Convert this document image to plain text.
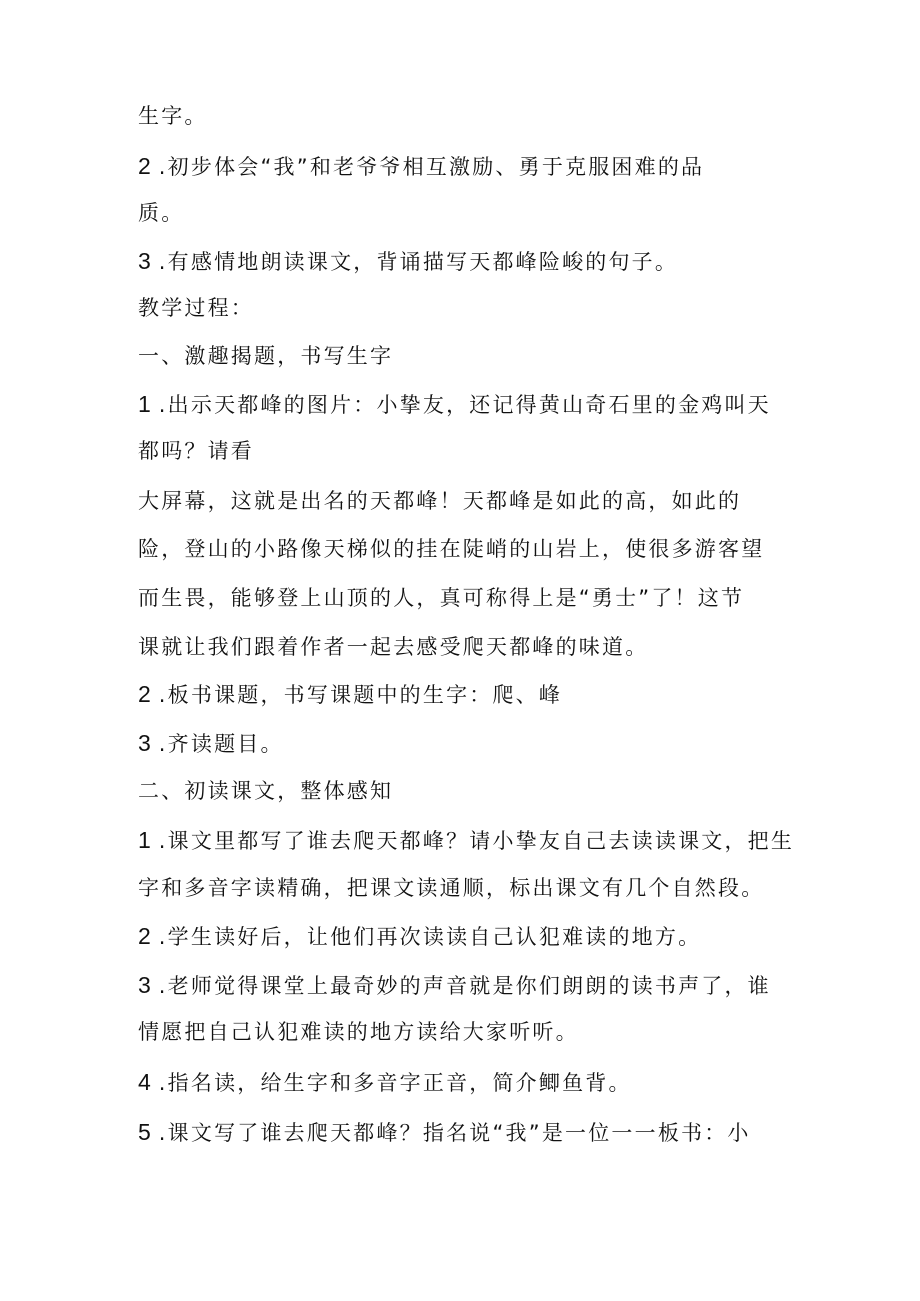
生字。
2 .初步体会“我”和老爷爷相互激励、勇于克服困难的品
质。
3 .有感情地朗读课文，背诵描写天都峰险峻的句子。
教学过程：
一、激趣揭题，书写生字
1 .出示天都峰的图片：小挚友，还记得黄山奇石里的金鸡叫天
都吗？请看
大屏幕，这就是出名的天都峰！天都峰是如此的高，如此的
险，登山的小路像天梯似的挂在陡峭的山岩上，使很多游客望
而生畏，能够登上山顶的人，真可称得上是“勇士”了！这节
课就让我们跟着作者一起去感受爬天都峰的味道。
2 .板书课题，书写课题中的生字：爬、峰
3 .齐读题目。
二、初读课文，整体感知
1 .课文里都写了谁去爬天都峰？请小挚友自己去读读课文，把生
字和多音字读精确，把课文读通顺，标出课文有几个自然段。
2 .学生读好后，让他们再次读读自己认犯难读的地方。
3 .老师觉得课堂上最奇妙的声音就是你们朗朗的读书声了，谁
情愿把自己认犯难读的地方读给大家听听。
4 .指名读，给生字和多音字正音，简介鲫鱼背。
5 .课文写了谁去爬天都峰？指名说“我”是一位一一板书：小
